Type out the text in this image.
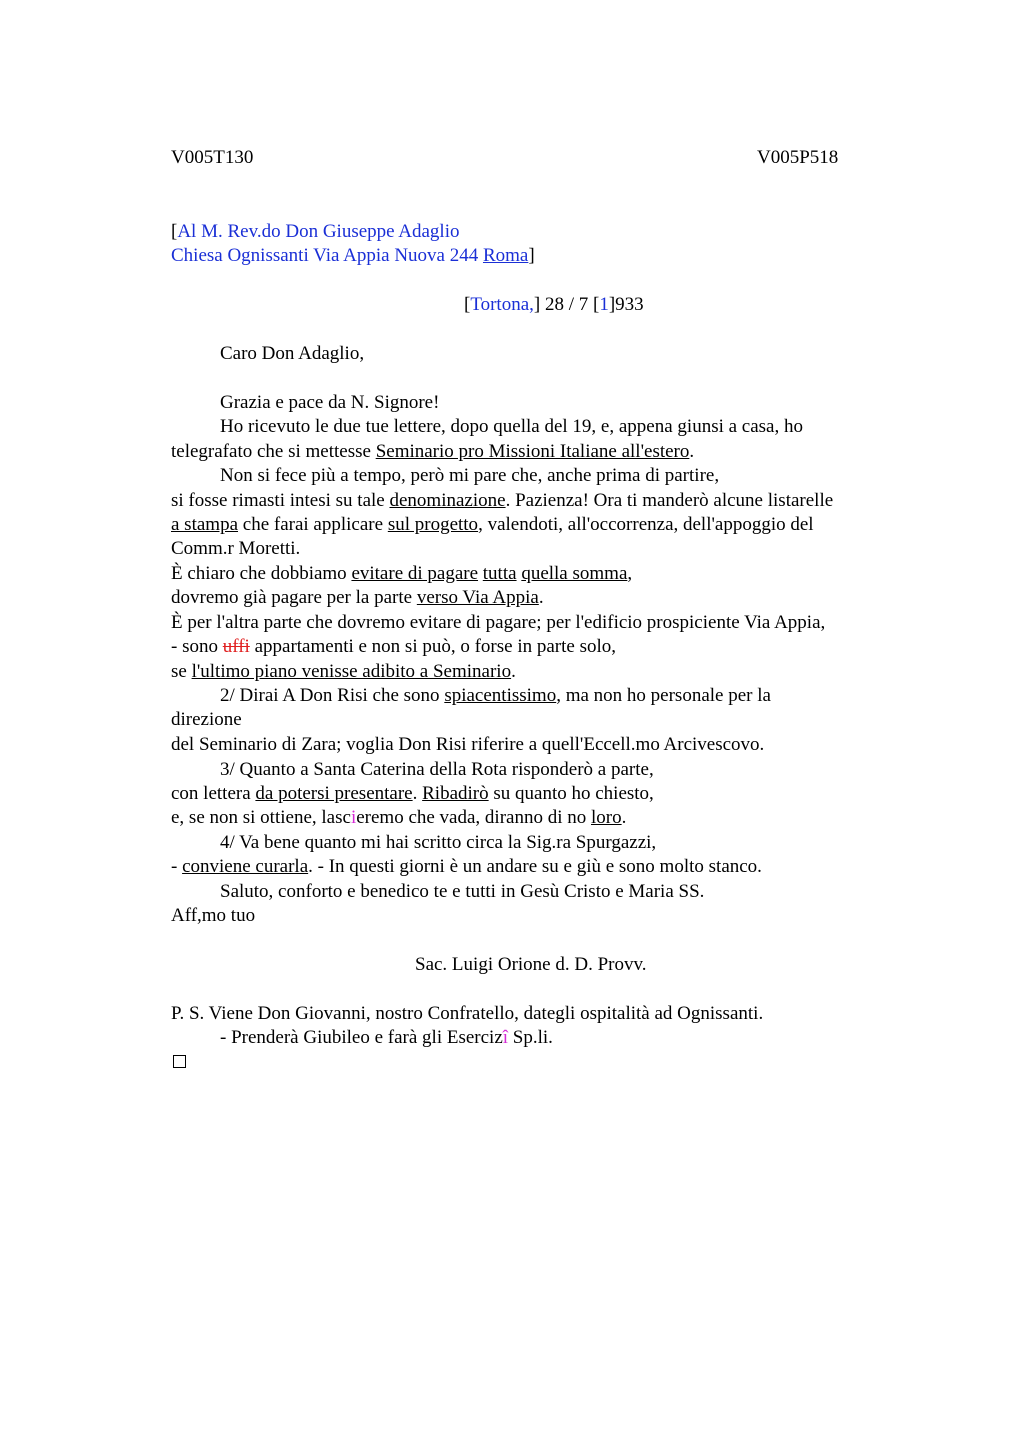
V005T130	V005P518
[Al M. Rev.do Don Giuseppe Adaglio
Chiesa Ognissanti Via Appia Nuova 244 Roma]
[Tortona,] 28 / 7 [1]933
Caro Don Adaglio,
Grazia e pace da N. Signore!
Ho ricevuto le due tue lettere, dopo quella del 19, e, appena giunsi a casa, ho
telegrafato che si mettesse Seminario pro Missioni Italiane all'estero.
Non si fece più a tempo, però mi pare che, anche prima di partire,
si fosse rimasti intesi su tale denominazione. Pazienza! Ora ti manderò alcune listarelle
a stampa che farai applicare sul progetto, valendoti, all'occorrenza, dell'appoggio del
Comm.r Moretti.
È chiaro che dobbiamo evitare di pagare tutta quella somma,
dovremo già pagare per la parte verso Via Appia.
È per l'altra parte che dovremo evitare di pagare; per l'edificio prospiciente Via Appia,
- sono uffi appartamenti e non si può, o forse in parte solo,
se l'ultimo piano venisse adibito a Seminario.
2/ Dirai A Don Risi che sono spiacentissimo, ma non ho personale per la
direzione
del Seminario di Zara; voglia Don Risi riferire a quell'Eccell.mo Arcivescovo.
3/ Quanto a Santa Caterina della Rota risponderò a parte,
con lettera da potersi presentare. Ribadirò su quanto ho chiesto,
e, se non si ottiene, lascieremo che vada, diranno di no loro.
4/ Va bene quanto mi hai scritto circa la Sig.ra Spurgazzi,
- conviene curarla. - In questi giorni è un andare su e giù e sono molto stanco.
Saluto, conforto e benedico te e tutti in Gesù Cristo e Maria SS.
Aff,mo tuo
Sac. Luigi Orione d. D. Provv.
P. S. Viene Don Giovanni, nostro Confratello, dategli ospitalità ad Ognissanti.
- Prenderà Giubileo e farà gli Esercizî Sp.li.
